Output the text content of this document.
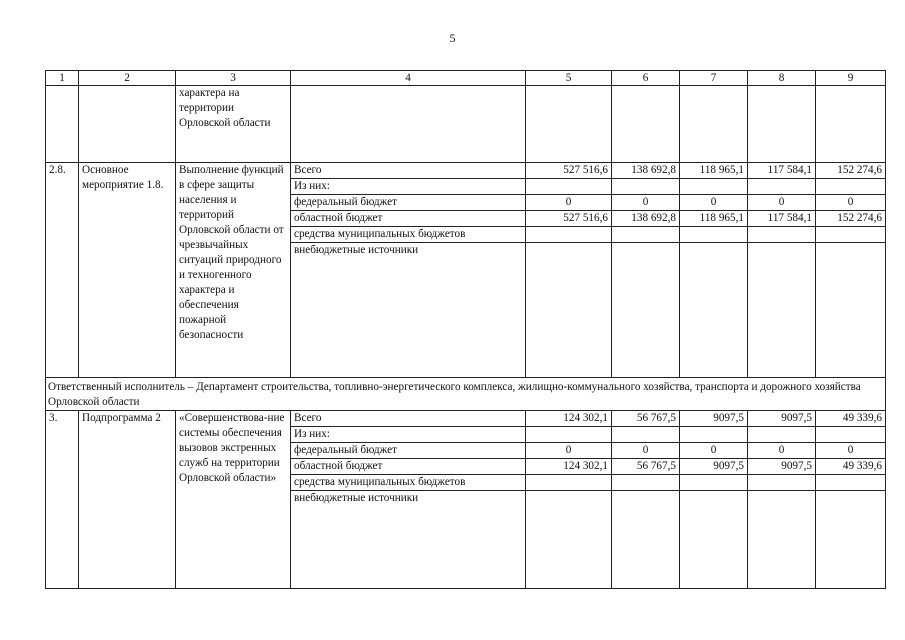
5
1	2	3	4	5	6	7	8	9
		характера на территории Орловской области						
2.8.	Основное мероприятие 1.8.	Выполнение функций в сфере защиты населения и территорий Орловской области от чрезвычайных ситуаций природного и техногенного характера и обеспечения пожарной безопасности	Всего	527 516,6	138 692,8	118 965,1	117 584,1	152 274,6
			Из них:					
			федеральный бюджет	0	0	0	0	0
			областной бюджет	527 516,6	138 692,8	118 965,1	117 584,1	152 274,6
			средства муниципальных бюджетов					
			внебюджетные источники					
Ответственный исполнитель – Департамент строительства, топливно-энергетического комплекса, жилищно-коммунального хозяйства, транспорта и дорожного хозяйства Орловской области								
3.	Подпрограмма 2	«Совершенствова-ние системы обеспечения вызовов экстренных служб на территории Орловской области»	Всего	124 302,1	56 767,5	9097,5	9097,5	49 339,6
			Из них:					
			федеральный бюджет	0	0	0	0	0
			областной бюджет	124 302,1	56 767,5	9097,5	9097,5	49 339,6
			средства муниципальных бюджетов					
			внебюджетные источники					
